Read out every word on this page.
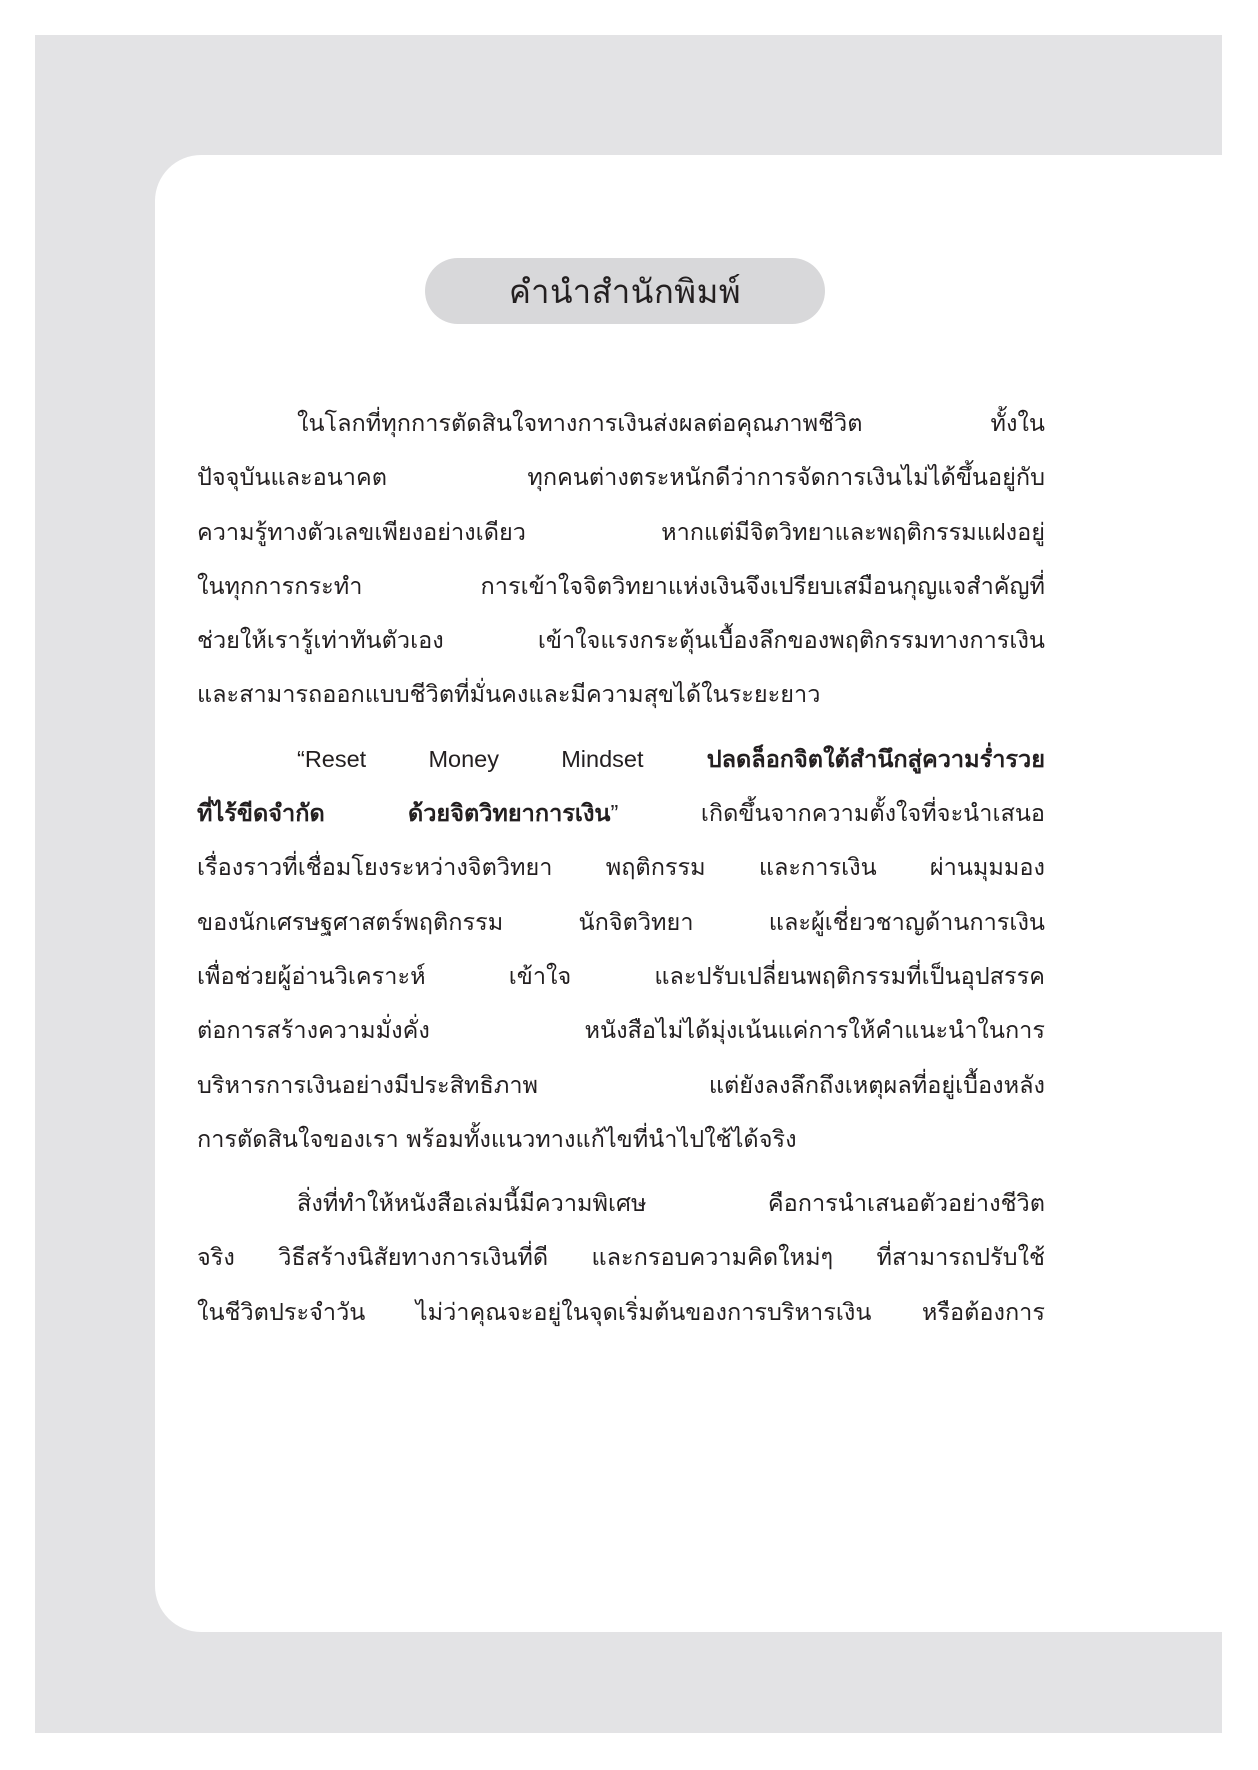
คำนำสำนักพิมพ์
ในโลกที่ทุกการตัดสินใจทางการเงินส่งผลต่อคุณภาพชีวิต ทั้งใน
ปัจจุบันและอนาคต ทุกคนต่างตระหนักดีว่าการจัดการเงินไม่ได้ขึ้นอยู่กับ
ความรู้ทางตัวเลขเพียงอย่างเดียว หากแต่มีจิตวิทยาและพฤติกรรมแฝงอยู่
ในทุกการกระทำ การเข้าใจจิตวิทยาแห่งเงินจึงเปรียบเสมือนกุญแจสำคัญที่
ช่วยให้เรารู้เท่าทันตัวเอง เข้าใจแรงกระตุ้นเบื้องลึกของพฤติกรรมทางการเงิน
และสามารถออกแบบชีวิตที่มั่นคงและมีความสุขได้ในระยะยาว
“Reset Money Mindset	ปลดล็อกจิตใต้สำนึกสู่ความร่ำรวย
ที่ไร้ขีดจำกัด ด้วยจิตวิทยาการเงิน” เกิดขึ้นจากความตั้งใจที่จะนำเสนอ
เรื่องราวที่เชื่อมโยงระหว่างจิตวิทยา พฤติกรรม และการเงิน ผ่านมุมมอง
ของนักเศรษฐศาสตร์พฤติกรรม นักจิตวิทยา และผู้เชี่ยวชาญด้านการเงิน
เพื่อช่วยผู้อ่านวิเคราะห์ เข้าใจ และปรับเปลี่ยนพฤติกรรมที่เป็นอุปสรรค
ต่อการสร้างความมั่งคั่ง หนังสือไม่ได้มุ่งเน้นแค่การให้คำแนะนำในการ
บริหารการเงินอย่างมีประสิทธิภาพ แต่ยังลงลึกถึงเหตุผลที่อยู่เบื้องหลัง
การตัดสินใจของเรา พร้อมทั้งแนวทางแก้ไขที่นำไปใช้ได้จริง
สิ่งที่ทำให้หนังสือเล่มนี้มีความพิเศษ คือการนำเสนอตัวอย่างชีวิต
จริง วิธีสร้างนิสัยทางการเงินที่ดี และกรอบความคิดใหม่ๆ ที่สามารถปรับใช้
ในชีวิตประจำวัน ไม่ว่าคุณจะอยู่ในจุดเริ่มต้นของการบริหารเงิน หรือต้องการ
